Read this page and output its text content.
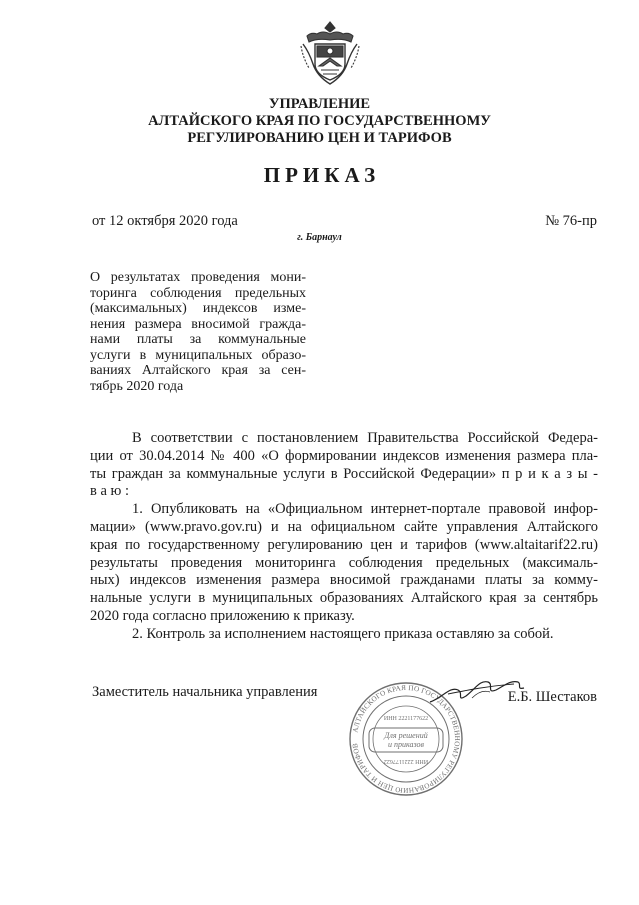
УПРАВЛЕНИЕ
АЛТАЙСКОГО КРАЯ ПО ГОСУДАРСТВЕННОМУ
РЕГУЛИРОВАНИЮ ЦЕН И ТАРИФОВ
ПРИКАЗ
от 12 октября 2020 года	№ 76-пр
г. Барнаул
О результатах проведения мони-
торинга соблюдения предельных
(максимальных) индексов изме-
нения размера вносимой гражда-
нами платы за коммунальные
услуги в муниципальных образо-
ваниях Алтайского края за сен-
тябрь 2020 года
В соответствии с постановлением Правительства Российской Федера-
ции от 30.04.2014 № 400 «О формировании индексов изменения размера пла-
ты граждан за коммунальные услуги в Российской Федерации» п р и к а з ы -
в а ю :
1. Опубликовать на «Официальном интернет-портале правовой инфор-
мации» (www.pravo.gov.ru) и на официальном сайте управления Алтайского
края по государственному регулированию цен и тарифов (www.altaitarif22.ru)
результаты проведения мониторинга соблюдения предельных (максималь-
ных) индексов изменения размера вносимой гражданами платы за комму-
нальные услуги в муниципальных образованиях Алтайского края за сентябрь
2020 года согласно приложению к приказу.
2. Контроль за исполнением настоящего приказа оставляю за собой.
Заместитель начальника управления
АЛТАЙСКОГО КРАЯ ПО ГОСУДАРСТВЕННОМУ РЕГУЛИРОВАНИЮ ЦЕН И ТАРИФОВ
Для решений
и приказов
ИНН 2221177622
ИНН 2221177622
Е.Б. Шестаков
